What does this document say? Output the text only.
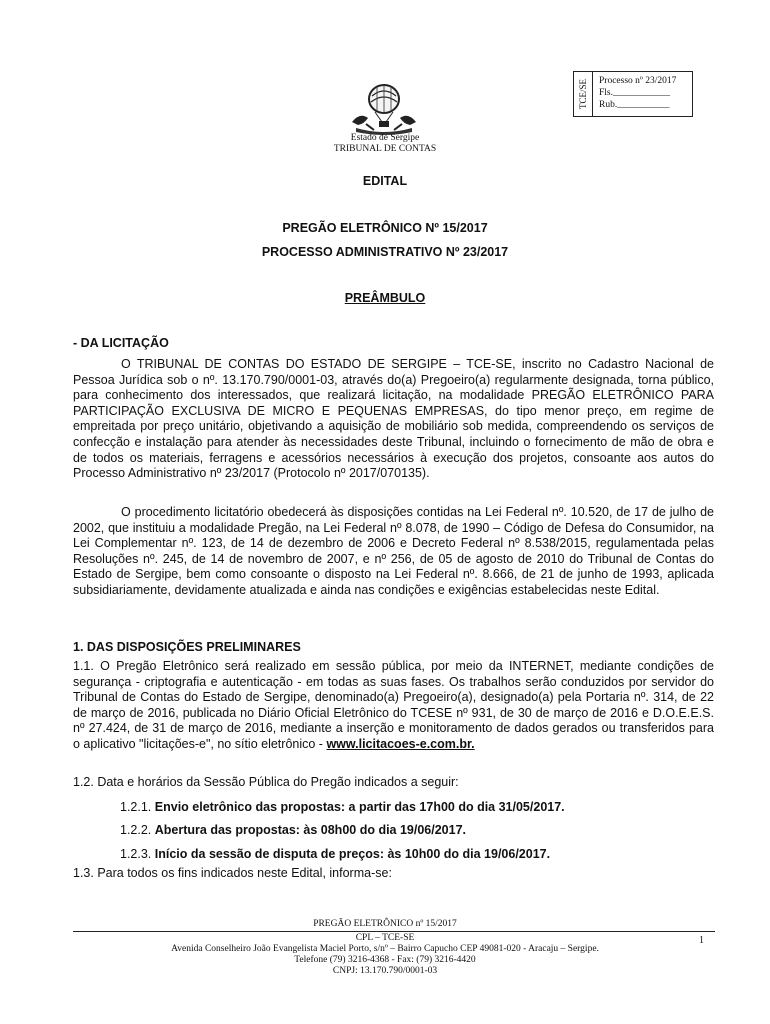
Estado de Sergipe
TRIBUNAL DE CONTAS
TCE/SE Processo nº 23/2017
Fls.____________
Rub.___________
EDITAL
PREGÃO ELETRÔNICO Nº 15/2017
PROCESSO ADMINISTRATIVO Nº 23/2017
PREÂMBULO
- DA LICITAÇÃO
O TRIBUNAL DE CONTAS DO ESTADO DE SERGIPE – TCE-SE, inscrito no Cadastro Nacional de Pessoa Jurídica sob o nº. 13.170.790/0001-03, através do(a) Pregoeiro(a) regularmente designada, torna público, para conhecimento dos interessados, que realizará licitação, na modalidade PREGÃO ELETRÔNICO PARA PARTICIPAÇÃO EXCLUSIVA DE MICRO E PEQUENAS EMPRESAS, do tipo menor preço, em regime de empreitada por preço unitário, objetivando a aquisição de mobiliário sob medida, compreendendo os serviços de confecção e instalação para atender às necessidades deste Tribunal, incluindo o fornecimento de mão de obra e de todos os materiais, ferragens e acessórios necessários à execução dos projetos, consoante aos autos do Processo Administrativo nº 23/2017 (Protocolo nº 2017/070135).
O procedimento licitatório obedecerá às disposições contidas na Lei Federal nº. 10.520, de 17 de julho de 2002, que instituiu a modalidade Pregão, na Lei Federal nº 8.078, de 1990 – Código de Defesa do Consumidor, na Lei Complementar nº. 123, de 14 de dezembro de 2006 e Decreto Federal nº 8.538/2015, regulamentada pelas Resoluções nº. 245, de 14 de novembro de 2007, e nº 256, de 05 de agosto de 2010 do Tribunal de Contas do Estado de Sergipe, bem como consoante o disposto na Lei Federal nº. 8.666, de 21 de junho de 1993, aplicada subsidiariamente, devidamente atualizada e ainda nas condições e exigências estabelecidas neste Edital.
1. DAS DISPOSIÇÕES PRELIMINARES
1.1. O Pregão Eletrônico será realizado em sessão pública, por meio da INTERNET, mediante condições de segurança - criptografia e autenticação - em todas as suas fases. Os trabalhos serão conduzidos por servidor do Tribunal de Contas do Estado de Sergipe, denominado(a) Pregoeiro(a), designado(a) pela Portaria nº. 314, de 22 de março de 2016, publicada no Diário Oficial Eletrônico do TCESE nº 931, de 30 de março de 2016 e D.O.E.E.S. nº 27.424, de 31 de março de 2016, mediante a inserção e monitoramento de dados gerados ou transferidos para o aplicativo "licitações-e", no sítio eletrônico - www.licitacoes-e.com.br.
1.2. Data e horários da Sessão Pública do Pregão indicados a seguir:
1.2.1. Envio eletrônico das propostas: a partir das 17h00 do dia 31/05/2017.
1.2.2. Abertura das propostas: às 08h00 do dia 19/06/2017.
1.2.3. Início da sessão de disputa de preços: às 10h00 do dia 19/06/2017.
1.3. Para todos os fins indicados neste Edital, informa-se:
PREGÃO ELETRÔNICO nº 15/2017
CPL – TCE-SE	1
Avenida Conselheiro João Evangelista Maciel Porto, s/nº – Bairro Capucho CEP 49081-020 - Aracaju – Sergipe.
Telefone (79) 3216-4368 - Fax: (79) 3216-4420
CNPJ: 13.170.790/0001-03
